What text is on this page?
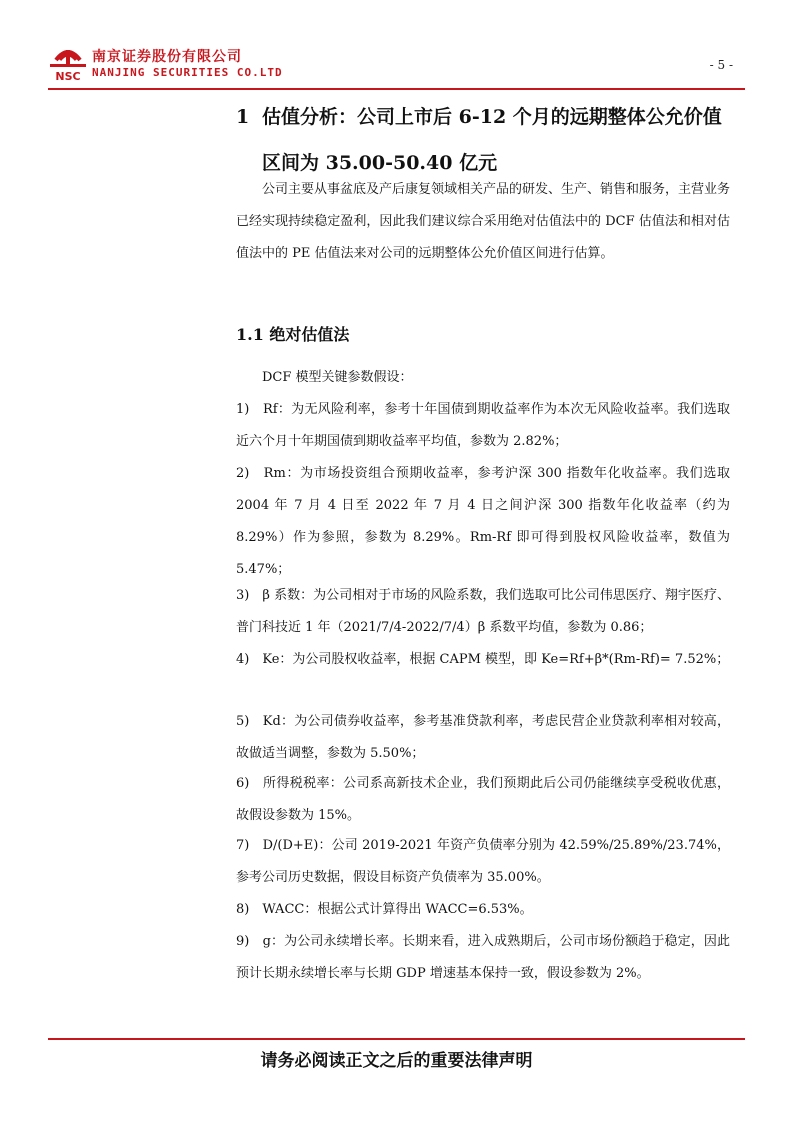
NSC
南京证券股份有限公司
NANJING SECURITIES CO.LTD
- 5 -
1 估值分析：公司上市后 6-12 个月的远期整体公允价值区间为 35.00-50.40 亿元
公司主要从事盆底及产后康复领域相关产品的研发、生产、销售和服务，主营业务已经实现持续稳定盈利，因此我们建议综合采用绝对估值法中的 DCF 估值法和相对估值法中的 PE 估值法来对公司的远期整体公允价值区间进行估算。
1.1 绝对估值法
DCF 模型关键参数假设：
1)　Rf：为无风险利率，参考十年国债到期收益率作为本次无风险收益率。我们选取近六个月十年期国债到期收益率平均值，参数为 2.82%；
2)　Rm：为市场投资组合预期收益率，参考沪深 300 指数年化收益率。我们选取 2004 年 7 月 4 日至 2022 年 7 月 4 日之间沪深 300 指数年化收益率（约为 8.29%）作为参照，参数为 8.29%。Rm-Rf 即可得到股权风险收益率，数值为 5.47%；
3)　β 系数：为公司相对于市场的风险系数，我们选取可比公司伟思医疗、翔宇医疗、普门科技近 1 年（2021/7/4-2022/7/4）β 系数平均值，参数为 0.86；
4)　Ke：为公司股权收益率，根据 CAPM 模型，即 Ke=Rf+β*(Rm-Rf)= 7.52%；
5)　Kd：为公司债券收益率，参考基准贷款利率，考虑民营企业贷款利率相对较高，故做适当调整，参数为 5.50%；
6)　所得税税率：公司系高新技术企业，我们预期此后公司仍能继续享受税收优惠，故假设参数为 15%。
7)　D/(D+E)：公司 2019-2021 年资产负债率分别为 42.59%/25.89%/23.74%，参考公司历史数据，假设目标资产负债率为 35.00%。
8)　WACC：根据公式计算得出 WACC=6.53%。
9)　g：为公司永续增长率。长期来看，进入成熟期后，公司市场份额趋于稳定，因此预计长期永续增长率与长期 GDP 增速基本保持一致，假设参数为 2%。
请务必阅读正文之后的重要法律声明
